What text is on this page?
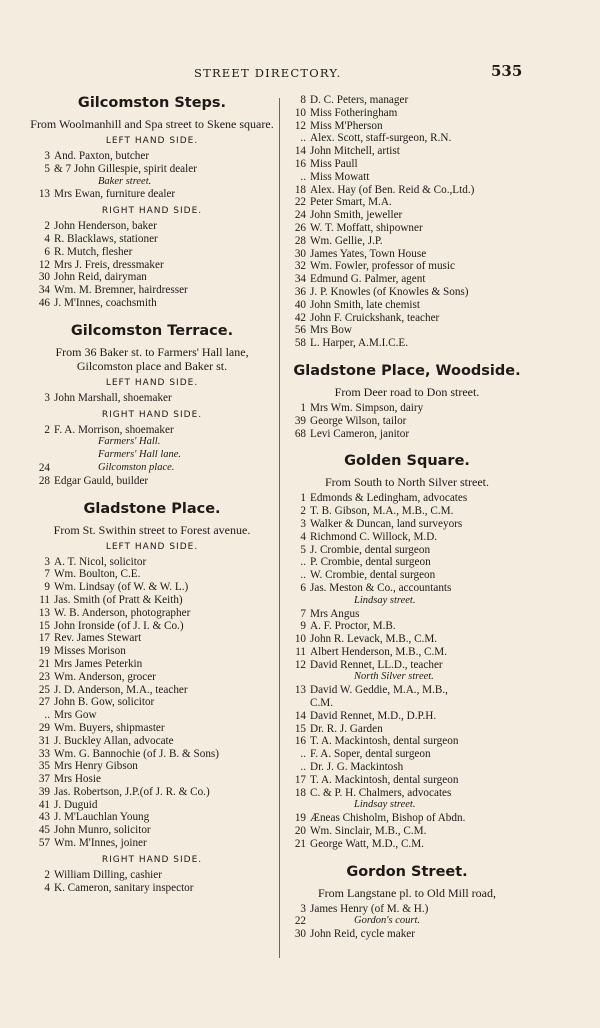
STREET DIRECTORY.	535
Gilcomston Steps.
From Woolmanhill and Spa street to Skene square.
LEFT HAND SIDE.
3 And. Paxton, butcher
5 & 7 John Gillespie, spirit dealer
Baker street.
13 Mrs Ewan, furniture dealer
RIGHT HAND SIDE.
2 John Henderson, baker
4 R. Blacklaws, stationer
6 R. Mutch, flesher
12 Mrs J. Freis, dressmaker
30 John Reid, dairyman
34 Wm. M. Bremner, hairdresser
46 J. M'Innes, coachsmith
Gilcomston Terrace.
From 36 Baker st. to Farmers' Hall lane, Gilcomston place and Baker st.
LEFT HAND SIDE.
3 John Marshall, shoemaker
RIGHT HAND SIDE.
2 F. A. Morrison, shoemaker
Farmers' Hall.
Farmers' Hall lane.
24	Gilcomston place.
28 Edgar Gauld, builder
Gladstone Place.
From St. Swithin street to Forest avenue.
LEFT HAND SIDE.
3 A. T. Nicol, solicitor
7 Wm. Boulton, C.E.
9 Wm. Lindsay (of W. & W. L.)
11 Jas. Smith (of Pratt & Keith)
13 W. B. Anderson, photographer
15 John Ironside (of J. I. & Co.)
17 Rev. James Stewart
19 Misses Morison
21 Mrs James Peterkin
23 Wm. Anderson, grocer
25 J. D. Anderson, M.A., teacher
27 John B. Gow, solicitor
.. Mrs Gow
29 Wm. Buyers, shipmaster
31 J. Buckley Allan, advocate
33 Wm. G. Bannochie (of J. B. & Sons)
35 Mrs Henry Gibson
37 Mrs Hosie
39 Jas. Robertson, J.P.(of J. R. & Co.)
41 J. Duguid
43 J. M'Lauchlan Young
45 John Munro, solicitor
57 Wm. M'Innes, joiner
RIGHT HAND SIDE.
2 William Dilling, cashier
4 K. Cameron, sanitary inspector
8 D. C. Peters, manager
10 Miss Fotheringham
12 Miss M'Pherson
.. Alex. Scott, staff-surgeon, R.N.
14 John Mitchell, artist
16 Miss Paull
.. Miss Mowatt
18 Alex. Hay (of Ben. Reid & Co.,Ltd.)
22 Peter Smart, M.A.
24 John Smith, jeweller
26 W. T. Moffatt, shipowner
28 Wm. Gellie, J.P.
30 James Yates, Town House
32 Wm. Fowler, professor of music
34 Edmund G. Palmer, agent
36 J. P. Knowles (of Knowles & Sons)
40 John Smith, late chemist
42 John F. Cruickshank, teacher
56 Mrs Bow
58 L. Harper, A.M.I.C.E.
Gladstone Place, Woodside.
From Deer road to Don street.
1 Mrs Wm. Simpson, dairy
39 George Wilson, tailor
68 Levi Cameron, janitor
Golden Square.
From South to North Silver street.
1 Edmonds & Ledingham, advocates
2 T. B. Gibson, M.A., M.B., C.M.
3 Walker & Duncan, land surveyors
4 Richmond C. Willock, M.D.
5 J. Crombie, dental surgeon
.. P. Crombie, dental surgeon
.. W. Crombie, dental surgeon
6 Jas. Meston & Co., accountants
Lindsay street.
7 Mrs Angus
9 A. F. Proctor, M.B.
10 John R. Levack, M.B., C.M.
11 Albert Henderson, M.B., C.M.
12 David Rennet, LL.D., teacher
North Silver street.
13 David W. Geddie, M.A., M.B.,
C.M.
14 David Rennet, M.D., D.P.H.
15 Dr. R. J. Garden
16 T. A. Mackintosh, dental surgeon
.. F. A. Soper, dental surgeon
.. Dr. J. G. Mackintosh
17 T. A. Mackintosh, dental surgeon
18 C. & P. H. Chalmers, advocates
Lindsay street.
19 Æneas Chisholm, Bishop of Abdn.
20 Wm. Sinclair, M.B., C.M.
21 George Watt, M.D., C.M.
Gordon Street.
From Langstane pl. to Old Mill road,
3 James Henry (of M. & H.)
22	Gordon's court.
30 John Reid, cycle maker
